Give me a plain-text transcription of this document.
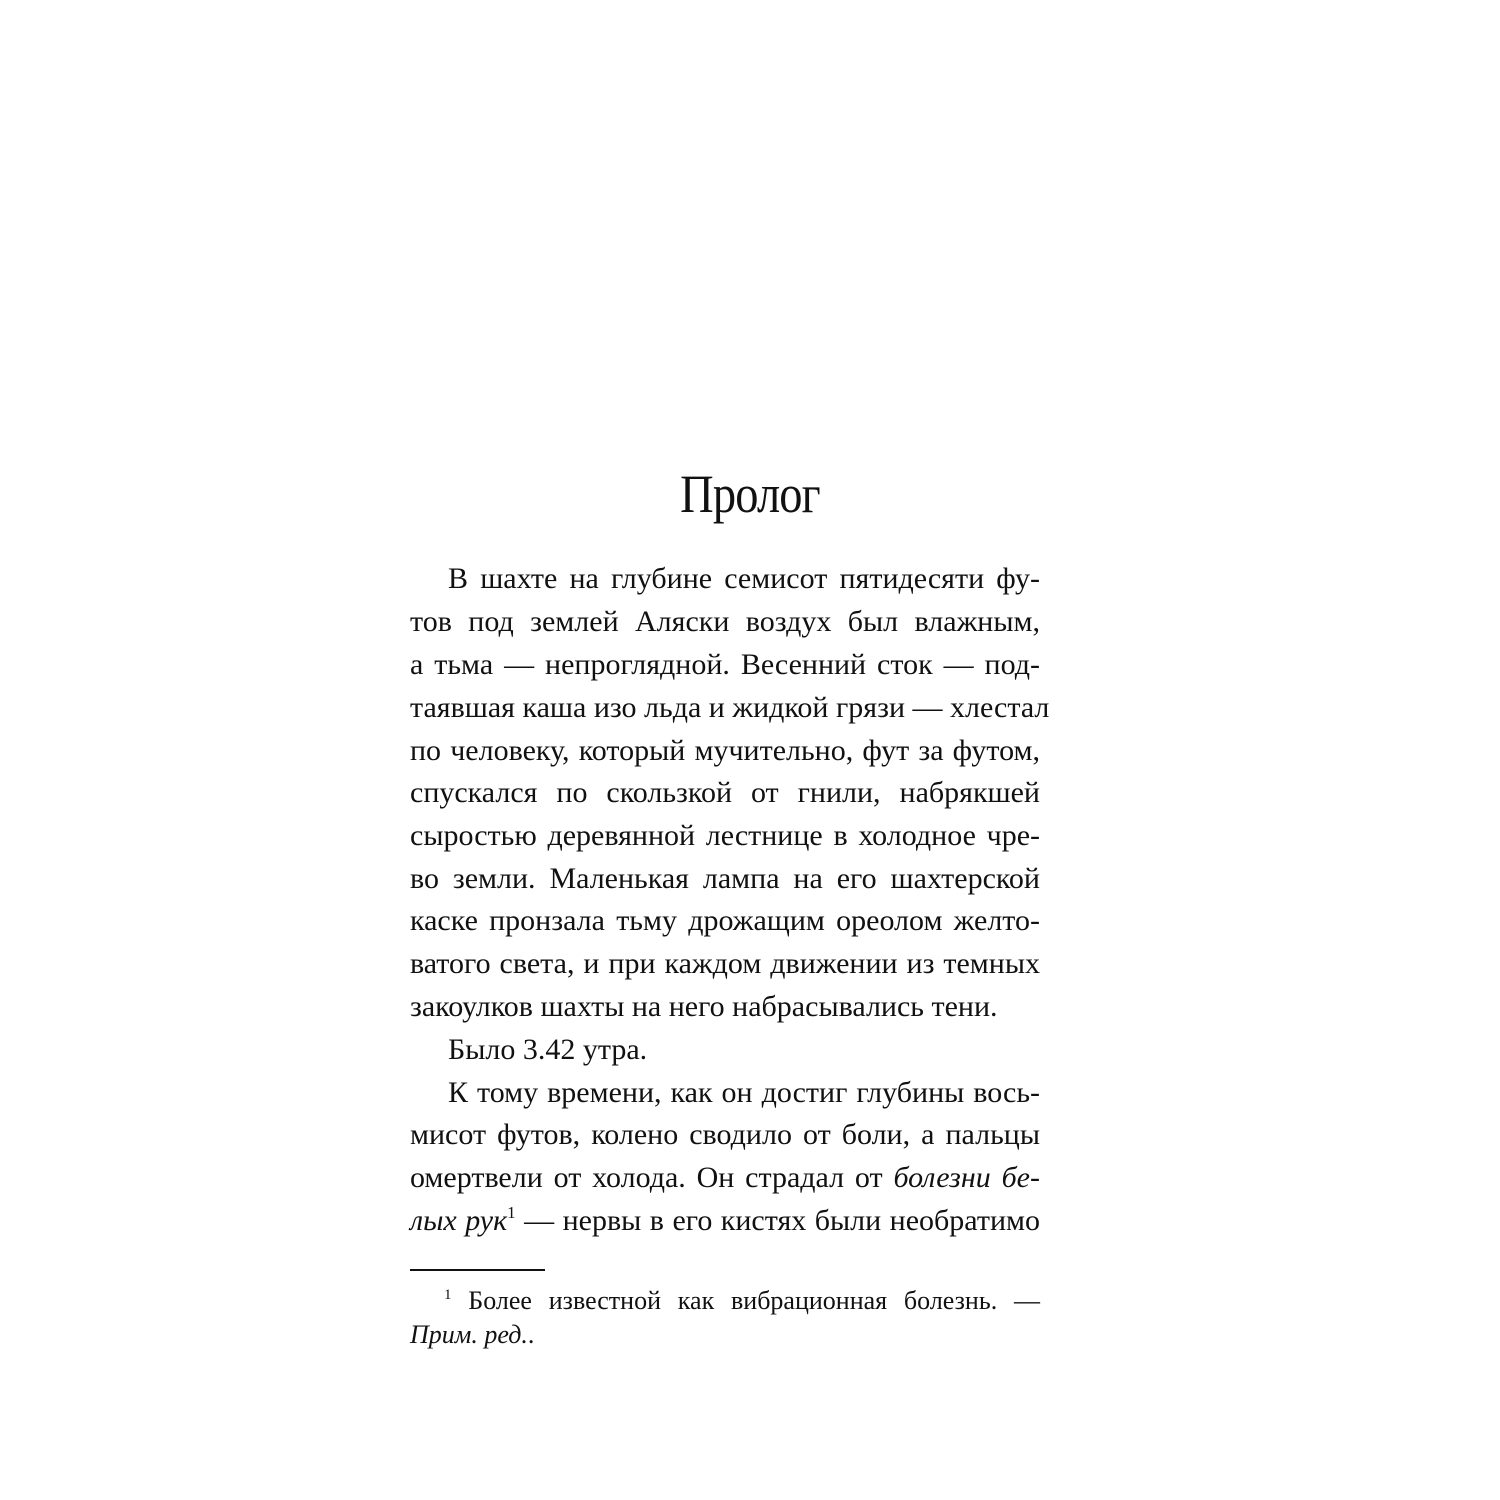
Пролог
В шахте на глубине семисот пятидесяти фу-
тов под землей Аляски воздух был влажным,
а тьма — непроглядной. Весенний сток — под-
таявшая каша изо льда и жидкой грязи — хлестал
по человеку, который мучительно, фут за футом,
спускался по скользкой от гнили, набрякшей
сыростью деревянной лестнице в холодное чре-
во земли. Маленькая лампа на его шахтерской
каске пронзала тьму дрожащим ореолом желто-
ватого света, и при каждом движении из темных
закоулков шахты на него набрасывались тени.
Было 3.42 утра.
К тому времени, как он достиг глубины вось-
мисот футов, колено сводило от боли, а пальцы
омертвели от холода. Он страдал от болезни бе-
лых рук$^1$ — нервы в его кистях были необратимо
$^1$ Более известной как вибрационная болезнь. —
Прим. ред..
